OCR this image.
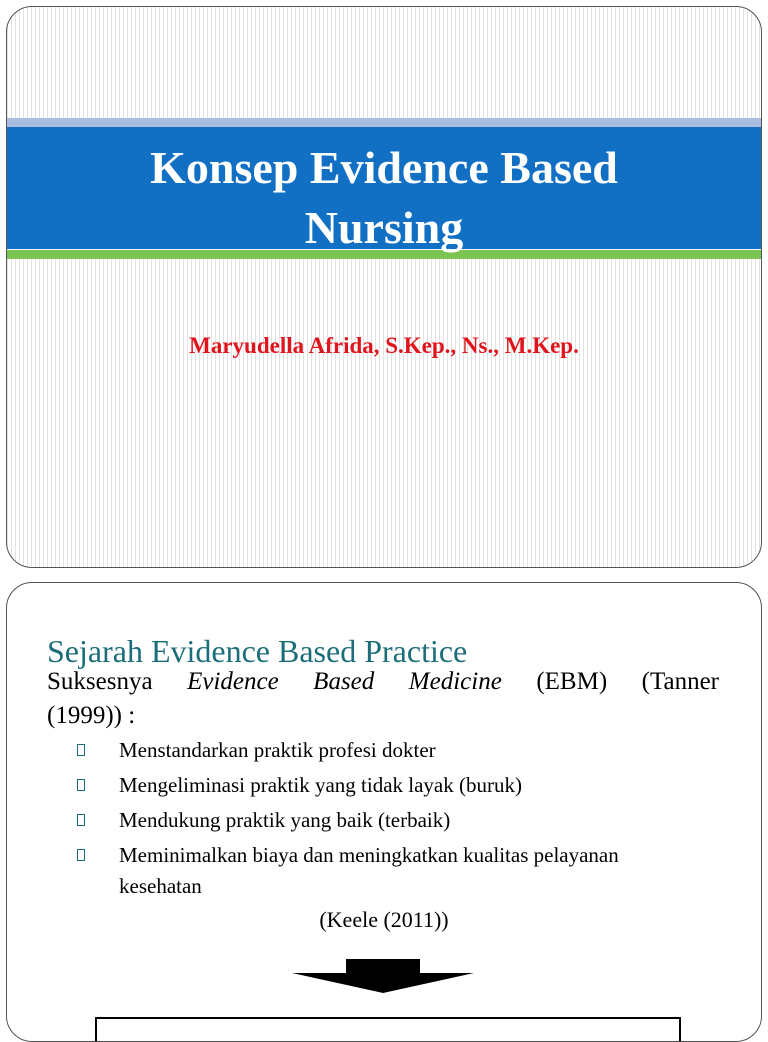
Konsep Evidence Based
Nursing
Maryudella Afrida, S.Kep., Ns., M.Kep.
Sejarah Evidence Based Practice
Suksesnya Evidence Based Medicine (EBM) (Tanner
(1999)) :
Menstandarkan praktik profesi dokter
Mengeliminasi praktik yang tidak layak (buruk)
Mendukung praktik yang baik (terbaik)
Meminimalkan biaya dan meningkatkan kualitas pelayanan kesehatan
(Keele (2011))
